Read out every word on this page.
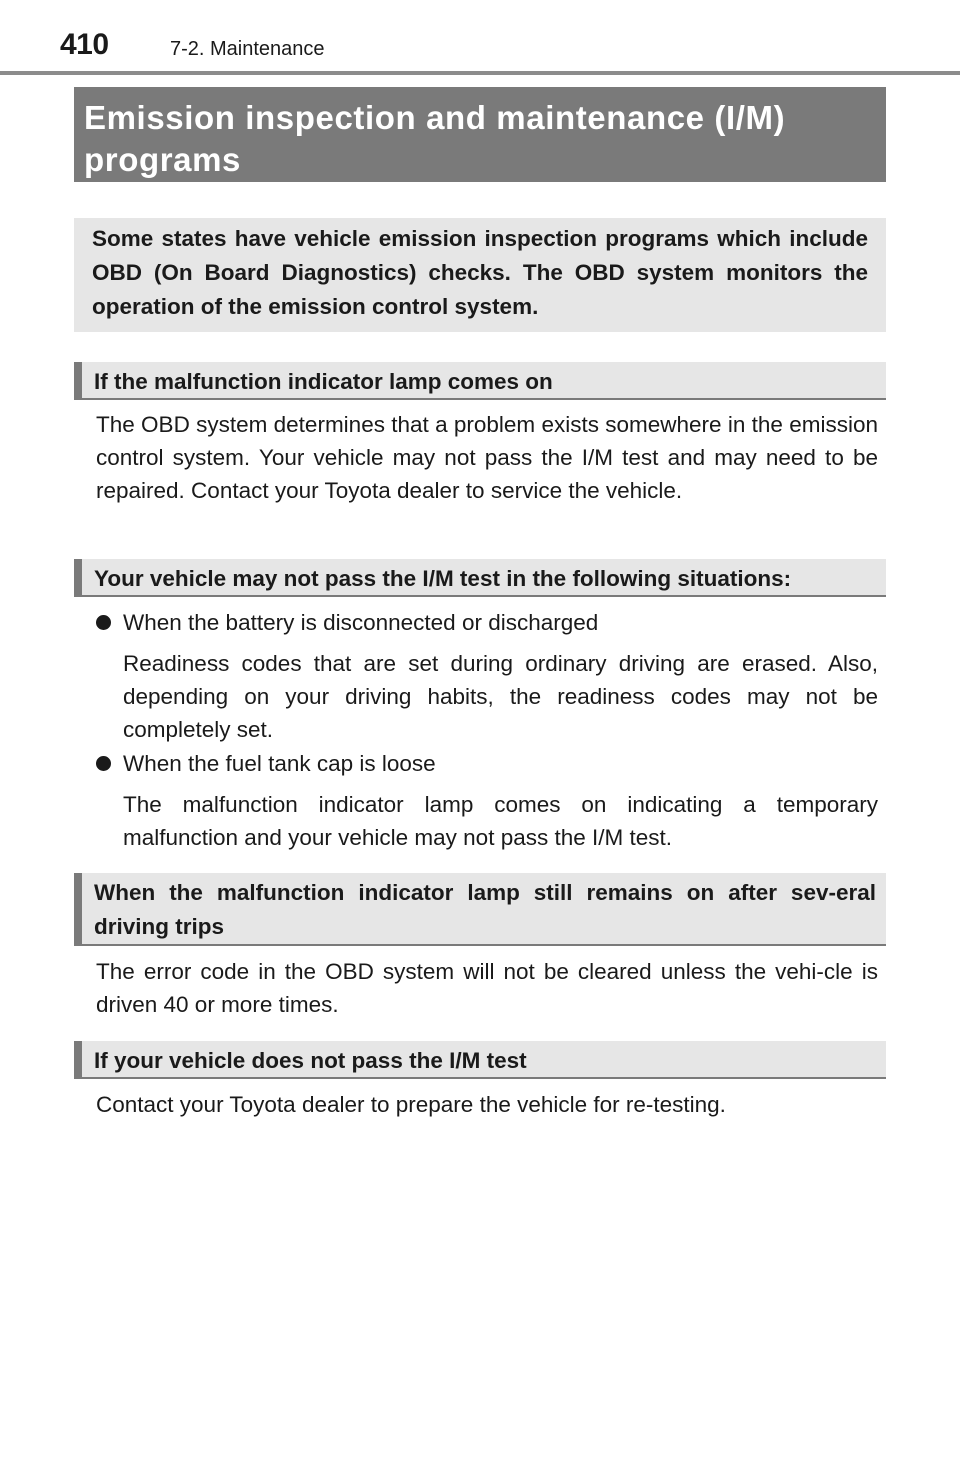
410	7-2. Maintenance
Emission inspection and maintenance (I/M) programs
Some states have vehicle emission inspection programs which include OBD (On Board Diagnostics) checks. The OBD system monitors the operation of the emission control system.
If the malfunction indicator lamp comes on
The OBD system determines that a problem exists somewhere in the emission control system. Your vehicle may not pass the I/M test and may need to be repaired. Contact your Toyota dealer to service the vehicle.
Your vehicle may not pass the I/M test in the following situations:
When the battery is disconnected or discharged
Readiness codes that are set during ordinary driving are erased. Also, depending on your driving habits, the readiness codes may not be completely set.
When the fuel tank cap is loose
The malfunction indicator lamp comes on indicating a temporary malfunction and your vehicle may not pass the I/M test.
When the malfunction indicator lamp still remains on after sev-eral driving trips
The error code in the OBD system will not be cleared unless the vehi-cle is driven 40 or more times.
If your vehicle does not pass the I/M test
Contact your Toyota dealer to prepare the vehicle for re-testing.
